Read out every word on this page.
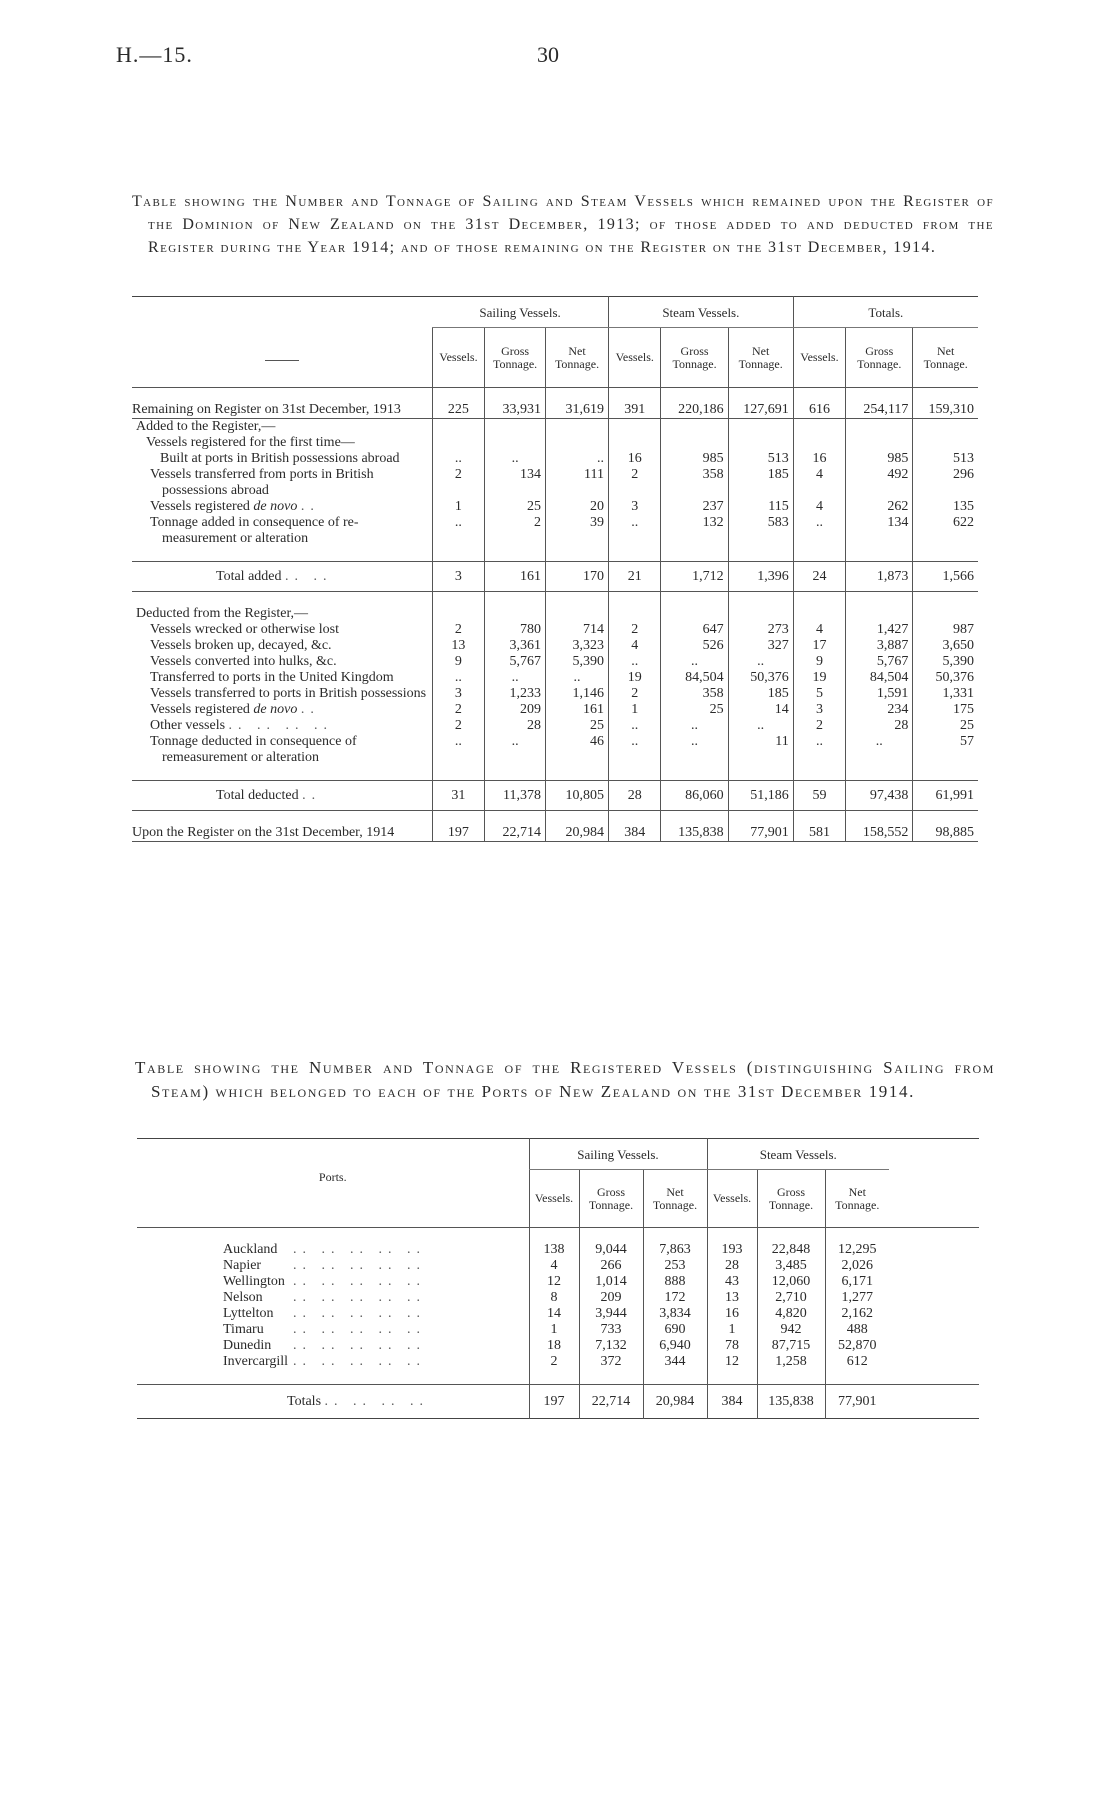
H.—15.	30
Table showing the Number and Tonnage of Sailing and Steam Vessels which remained upon the Register of the Dominion of New Zealand on the 31st December, 1913; of those added to and deducted from the Register during the Year 1914; and of those remaining on the Register on the 31st December, 1914.
	Sailing Vessels.			Steam Vessels.			Totals.		
	Vessels.	Gross Tonnage.	Net Tonnage.	Vessels.	Gross Tonnage.	Net Tonnage.	Vessels.	Gross Tonnage.	Net Tonnage.

Remaining on Register on 31st December, 1913	225	33,931	31,619	391	220,186	127,691	616	254,117	159,310
Added to the Register,—									
Vessels registered for the first time—									
Built at ports in British possessions abroad	..	..	..	16	985	513	16	985	513
Vessels transferred from ports in British possessions abroad	2	134	111	2	358	185	4	492	296
Vessels registered de novo ..	1	25	20	3	237	115	4	262	135
Tonnage added in consequence of re-measurement or alteration	..	2	39	..	132	583	..	134	622

Total added .. ..	3	161	170	21	1,712	1,396	24	1,873	1,566

Deducted from the Register,—									
Vessels wrecked or otherwise lost	2	780	714	2	647	273	4	1,427	987
Vessels broken up, decayed, &c.	13	3,361	3,323	4	526	327	17	3,887	3,650
Vessels converted into hulks, &c.	9	5,767	5,390	..	..	..	9	5,767	5,390
Transferred to ports in the United Kingdom	..	..	..	19	84,504	50,376	19	84,504	50,376
Vessels transferred to ports in British possessions	3	1,233	1,146	2	358	185	5	1,591	1,331
Vessels registered de novo ..	2	209	161	1	25	14	3	234	175
Other vessels .. .. .. ..	2	28	25	..	..	..	2	28	25
Tonnage deducted in consequence of remeasurement or alteration	..	..	46	..	..	11	..	..	57

Total deducted ..	31	11,378	10,805	28	86,060	51,186	59	97,438	61,991

Upon the Register on the 31st December, 1914	197	22,714	20,984	384	135,838	77,901	581	158,552	98,885
Table showing the Number and Tonnage of the Registered Vessels (distinguishing Sailing from Steam) which belonged to each of the Ports of New Zealand on the 31st December 1914.
Ports.	Sailing Vessels.			Steam Vessels.			
	Vessels.	Gross Tonnage.	Net Tonnage.	Vessels.	Gross Tonnage.	Net Tonnage.	

Auckland .. .. .. .. ..	138	9,044	7,863	193	22,848	12,295	
Napier .. .. .. .. ..	4	266	253	28	3,485	2,026	
Wellington .. .. .. .. ..	12	1,014	888	43	12,060	6,171	
Nelson .. .. .. .. ..	8	209	172	13	2,710	1,277	
Lyttelton .. .. .. .. ..	14	3,944	3,834	16	4,820	2,162	
Timaru .. .. .. .. ..	1	733	690	1	942	488	
Dunedin .. .. .. .. ..	18	7,132	6,940	78	87,715	52,870	
Invercargill .. .. .. .. ..	2	372	344	12	1,258	612	

Totals .. .. .. ..	197	22,714	20,984	384	135,838	77,901	
